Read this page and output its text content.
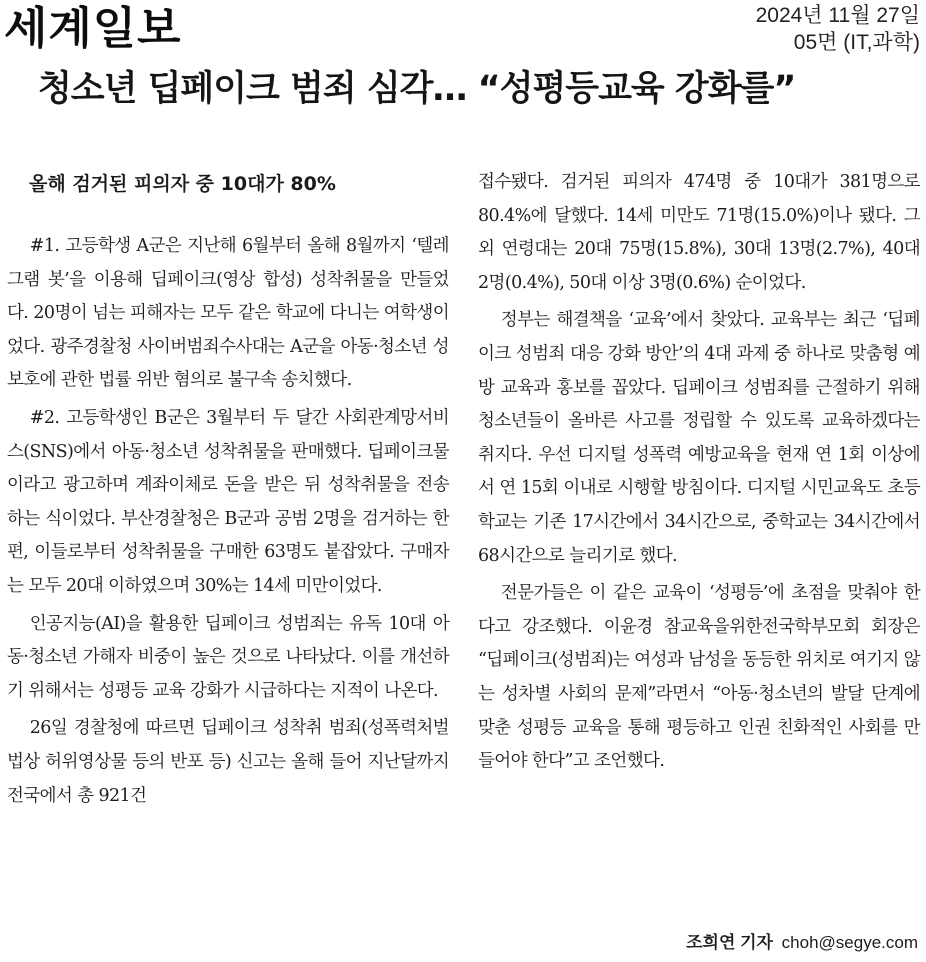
세계일보	2024년 11월 27일
05면 (IT,과학)
청소년 딥페이크 범죄 심각… “성평등교육 강화를”
올해 검거된 피의자 중 10대가 80%

#1. 고등학생 A군은 지난해 6월부터 올해 8월까지 ‘텔레그램 봇’을 이용해 딥페이크(영상 합성) 성착취물을 만들었다. 20명이 넘는 피해자는 모두 같은 학교에 다니는 여학생이었다. 광주경찰청 사이버범죄수사대는 A군을 아동·청소년 성보호에 관한 법률 위반 혐의로 불구속 송치했다.

#2. 고등학생인 B군은 3월부터 두 달간 사회관계망서비스(SNS)에서 아동·청소년 성착취물을 판매했다. 딥페이크물이라고 광고하며 계좌이체로 돈을 받은 뒤 성착취물을 전송하는 식이었다. 부산경찰청은 B군과 공범 2명을 검거하는 한편, 이들로부터 성착취물을 구매한 63명도 붙잡았다. 구매자는 모두 20대 이하였으며 30%는 14세 미만이었다.

인공지능(AI)을 활용한 딥페이크 성범죄는 유독 10대 아동·청소년 가해자 비중이 높은 것으로 나타났다. 이를 개선하기 위해서는 성평등 교육 강화가 시급하다는 지적이 나온다.

26일 경찰청에 따르면 딥페이크 성착취 범죄(성폭력처벌법상 허위영상물 등의 반포 등) 신고는 올해 들어 지난달까지 전국에서 총 921건

접수됐다. 검거된 피의자 474명 중 10대가 381명으로 80.4%에 달했다. 14세 미만도 71명(15.0%)이나 됐다. 그 외 연령대는 20대 75명(15.8%), 30대 13명(2.7%), 40대 2명(0.4%), 50대 이상 3명(0.6%) 순이었다.

정부는 해결책을 ‘교육’에서 찾았다. 교육부는 최근 ‘딥페이크 성범죄 대응 강화 방안’의 4대 과제 중 하나로 맞춤형 예방 교육과 홍보를 꼽았다. 딥페이크 성범죄를 근절하기 위해 청소년들이 올바른 사고를 정립할 수 있도록 교육하겠다는 취지다. 우선 디지털 성폭력 예방교육을 현재 연 1회 이상에서 연 15회 이내로 시행할 방침이다. 디지털 시민교육도 초등학교는 기존 17시간에서 34시간으로, 중학교는 34시간에서 68시간으로 늘리기로 했다.

전문가들은 이 같은 교육이 ‘성평등’에 초점을 맞춰야 한다고 강조했다. 이윤경 참교육을위한전국학부모회 회장은 “딥페이크(성범죄)는 여성과 남성을 동등한 위치로 여기지 않는 성차별 사회의 문제”라면서 “아동·청소년의 발달 단계에 맞춘 성평등 교육을 통해 평등하고 인권 친화적인 사회를 만들어야 한다”고 조언했다.

조희연 기자 choh@segye.com
